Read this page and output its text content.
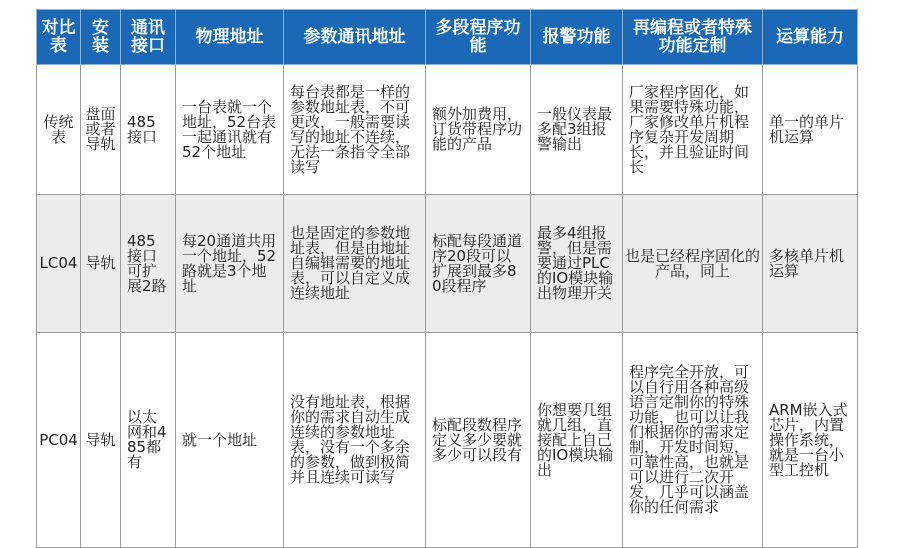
对比表	安装	通讯接口	物理地址	参数通讯地址	多段程序功能	报警功能	再编程或者特殊功能定制	运算能力
传统表	盘面或者导轨	485接口	一台表就一个地址，52台表一起通讯就有52个地址	每台表都是一样的参数地址表，不可更改，一般需要读写的地址不连续，无法一条指令全部读写	额外加费用，订货带程序功能的产品	一般仪表最多配3组报警输出	厂家程序固化，如果需要特殊功能，厂家修改单片机程序复杂开发周期长，并且验证时间长	单一的单片机运算
LC04	导轨	485接口可扩展2路	每20通道共用一个地址，52路就是3个地址	也是固定的参数地址表，但是由地址自编辑需要的地址表，可以自定义成连续地址	标配每段通道序20段可以扩展到最多80段程序	最多4组报警，但是需要通过PLC的IO模块输出物理开关	也是已经程序固化的产品，同上	多核单片机运算
PC04	导轨	以太网和485都有	就一个地址	没有地址表，根据你的需求自动生成连续的参数地址表，没有一个多余的参数，做到极简并且连续可读写	标配段数程序定义多少要就多少可以段有	你想要几组就几组，直接配上自己的IO模块输出	程序完全开放，可以自行用各种高级语言定制你的特殊功能，也可以让我们根据你的需求定制，开发时间短，可靠性高，也就是可以进行二次开发，几乎可以涵盖你的任何需求	ARM嵌入式芯片，内置操作系统，就是一台小型工控机
